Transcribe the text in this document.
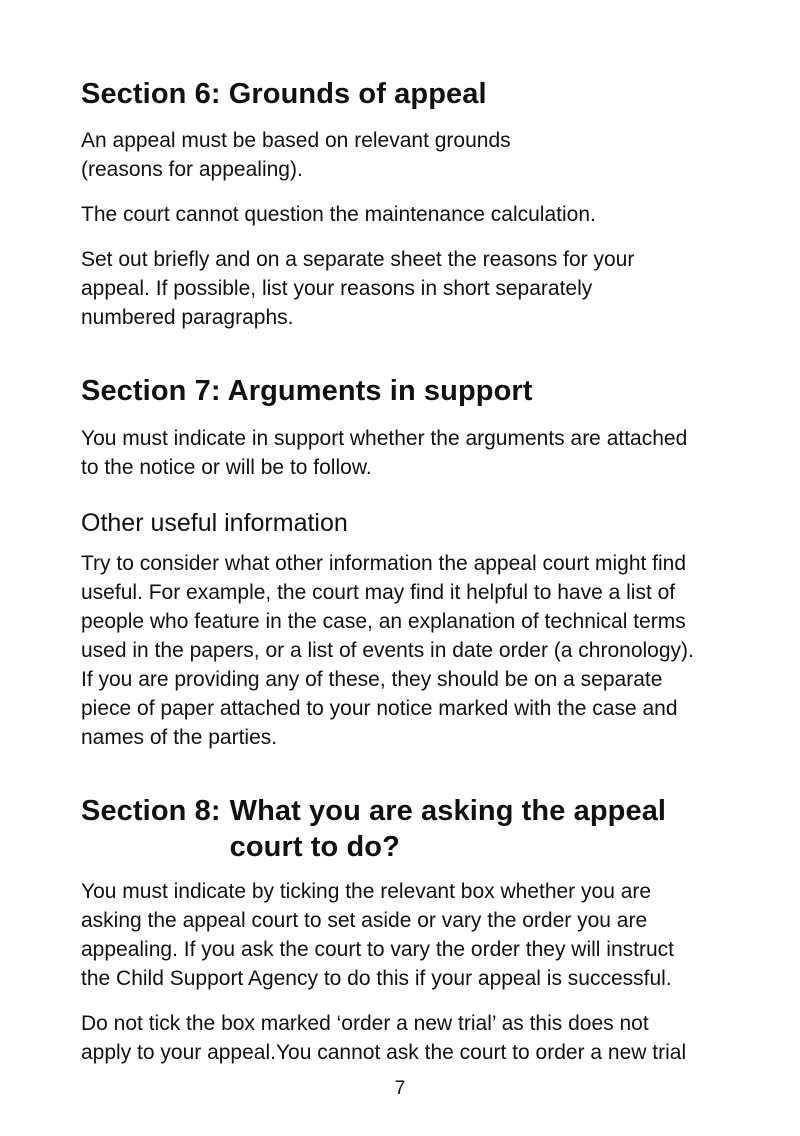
Section 6: Grounds of appeal

An appeal must be based on relevant grounds
(reasons for appealing).

The court cannot question the maintenance calculation.

Set out briefly and on a separate sheet the reasons for your
appeal. If possible, list your reasons in short separately
numbered paragraphs.

Section 7: Arguments in support

You must indicate in support whether the arguments are attached
to the notice or will be to follow.

Other useful information

Try to consider what other information the appeal court might find
useful. For example, the court may find it helpful to have a list of
people who feature in the case, an explanation of technical terms
used in the papers, or a list of events in date order (a chronology).
If you are providing any of these, they should be on a separate
piece of paper attached to your notice marked with the case and
names of the parties.

Section 8: What you are asking the appeal
court to do?

You must indicate by ticking the relevant box whether you are
asking the appeal court to set aside or vary the order you are
appealing. If you ask the court to vary the order they will instruct
the Child Support Agency to do this if your appeal is successful.

Do not tick the box marked ‘order a new trial’ as this does not
apply to your appeal.You cannot ask the court to order a new trial

7
